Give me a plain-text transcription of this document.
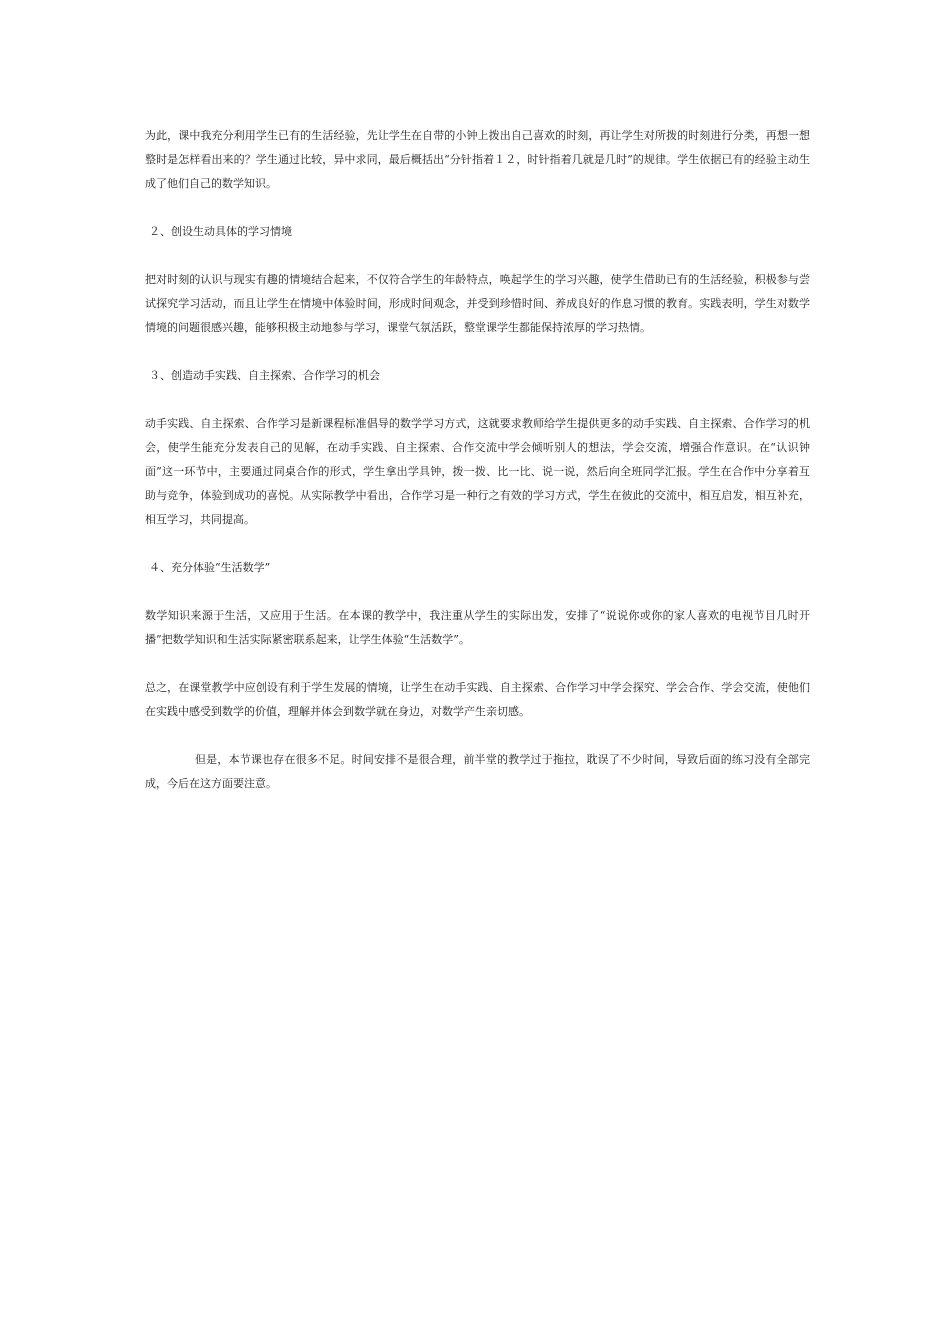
为此，课中我充分利用学生已有的生活经验，先让学生在自带的小钟上拨出自己喜欢的时刻，再让学生对所拨的时刻进行分类，再想一想整时是怎样看出来的？学生通过比较，异中求同，最后概括出“分针指着１２，时针指着几就是几时”的规律。学生依据已有的经验主动生成了他们自己的数学知识。

２、创设生动具体的学习情境

把对时刻的认识与现实有趣的情境结合起来，不仅符合学生的年龄特点，唤起学生的学习兴趣，使学生借助已有的生活经验，积极参与尝试探究学习活动，而且让学生在情境中体验时间，形成时间观念，并受到珍惜时间、养成良好的作息习惯的教育。实践表明，学生对数学情境的问题很感兴趣，能够积极主动地参与学习，课堂气氛活跃，整堂课学生都能保持浓厚的学习热情。

３、创造动手实践、自主探索、合作学习的机会

动手实践、自主探索、合作学习是新课程标准倡导的数学学习方式，这就要求教师给学生提供更多的动手实践、自主探索、合作学习的机会，使学生能充分发表自己的见解，在动手实践、自主探索、合作交流中学会倾听别人的想法，学会交流，增强合作意识。在“认识钟面”这一环节中，主要通过同桌合作的形式，学生拿出学具钟，拨一拨、比一比、说一说，然后向全班同学汇报。学生在合作中分享着互助与竞争，体验到成功的喜悦。从实际教学中看出，合作学习是一种行之有效的学习方式，学生在彼此的交流中，相互启发，相互补充，相互学习，共同提高。

４、充分体验“生活数学”

数学知识来源于生活，又应用于生活。在本课的教学中，我注重从学生的实际出发，安排了“说说你或你的家人喜欢的电视节目几时开播”把数学知识和生活实际紧密联系起来，让学生体验“生活数学”。

总之，在课堂教学中应创设有利于学生发展的情境，让学生在动手实践、自主探索、合作学习中学会探究、学会合作、学会交流，使他们在实践中感受到数学的价值，理解并体会到数学就在身边，对数学产生亲切感。

但是，本节课也存在很多不足。时间安排不是很合理，前半堂的教学过于拖拉，耽误了不少时间，导致后面的练习没有全部完成，今后在这方面要注意。
